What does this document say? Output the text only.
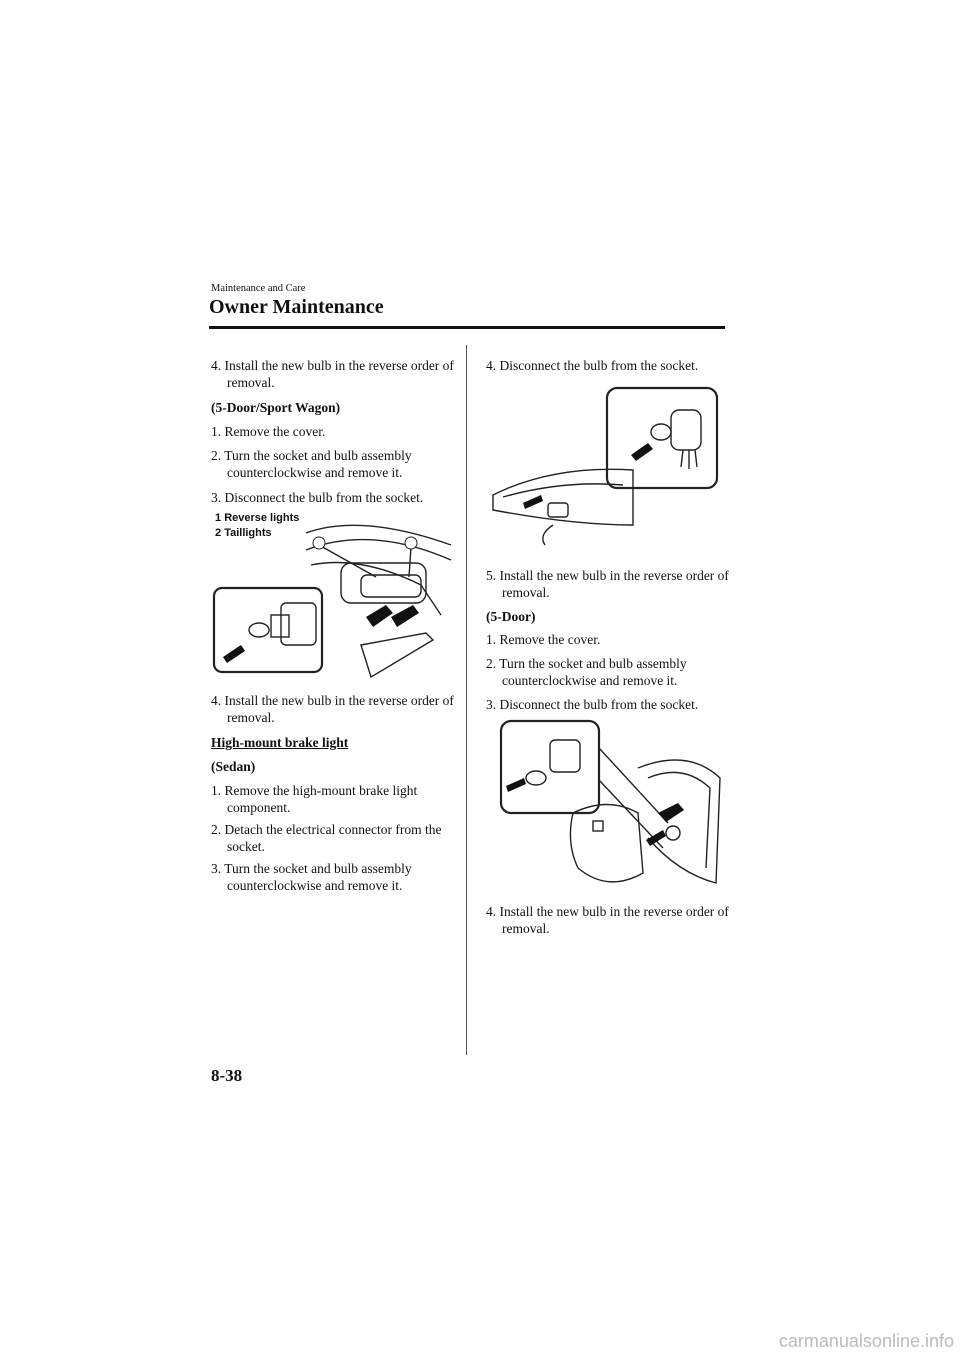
Maintenance and Care
Owner Maintenance
4. Install the new bulb in the reverse order of removal.
(5-Door/Sport Wagon)
1. Remove the cover.
2. Turn the socket and bulb assembly counterclockwise and remove it.
3. Disconnect the bulb from the socket.
1 Reverse lights
2 Taillights
4. Install the new bulb in the reverse order of removal.
High-mount brake light
(Sedan)
1. Remove the high-mount brake light component.
2. Detach the electrical connector from the socket.
3. Turn the socket and bulb assembly counterclockwise and remove it.
4. Disconnect the bulb from the socket.
5. Install the new bulb in the reverse order of removal.
(5-Door)
1. Remove the cover.
2. Turn the socket and bulb assembly counterclockwise and remove it.
3. Disconnect the bulb from the socket.
4. Install the new bulb in the reverse order of removal.
8-38
carmanualsonline.info
